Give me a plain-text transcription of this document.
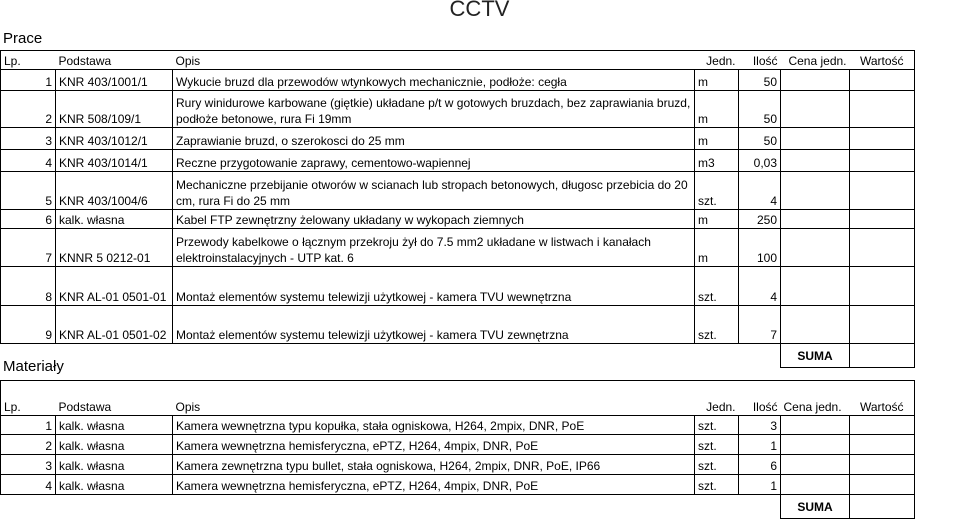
CCTV
Prace
Lp.	Podstawa	Opis	Jedn.	Ilość	Cena jedn.	Wartość
1	KNR 403/1001/1	Wykucie bruzd dla przewodów wtynkowych mechanicznie, podłoże: cegła	m	50		
2	KNR 508/109/1	Rury winidurowe karbowane (giętkie) układane p/t w gotowych bruzdach, bez zaprawiania bruzd, podłoże betonowe, rura Fi 19mm	m	50		
3	KNR 403/1012/1	Zaprawianie bruzd, o szerokosci do 25 mm	m	50		
4	KNR 403/1014/1	Reczne przygotowanie zaprawy, cementowo-wapiennej	m3	0,03		
5	KNR 403/1004/6	Mechaniczne przebijanie otworów w scianach lub stropach betonowych, długosc przebicia do 20 cm, rura Fi do 25 mm	szt.	4		
6	kalk. własna	Kabel FTP zewnętrzny żelowany układany w wykopach ziemnych	m	250		
7	KNNR 5 0212-01	Przewody kabelkowe o łącznym przekroju żył do 7.5 mm2 układane w listwach i kanałach elektroinstalacyjnych - UTP kat. 6	m	100		
8	KNR AL-01 0501-01	Montaż elementów systemu telewizji użytkowej - kamera TVU wewnętrzna	szt.	4		
9	KNR AL-01 0501-02	Montaż elementów systemu telewizji użytkowej - kamera TVU zewnętrzna	szt.	7		
					SUMA	
Materiały
Lp.	Podstawa	Opis	Jedn.	Ilość	Cena jedn.	Wartość
1	kalk. własna	Kamera wewnętrzna typu kopułka, stała ogniskowa, H264, 2mpix, DNR, PoE	szt.	3		
2	kalk. własna	Kamera wewnętrzna hemisferyczna, ePTZ, H264, 4mpix, DNR, PoE	szt.	1		
3	kalk. własna	Kamera zewnętrzna typu bullet, stała ogniskowa, H264, 2mpix, DNR, PoE, IP66	szt.	6		
4	kalk. własna	Kamera wewnętrzna hemisferyczna, ePTZ, H264, 4mpix, DNR, PoE	szt.	1		
					SUMA	
